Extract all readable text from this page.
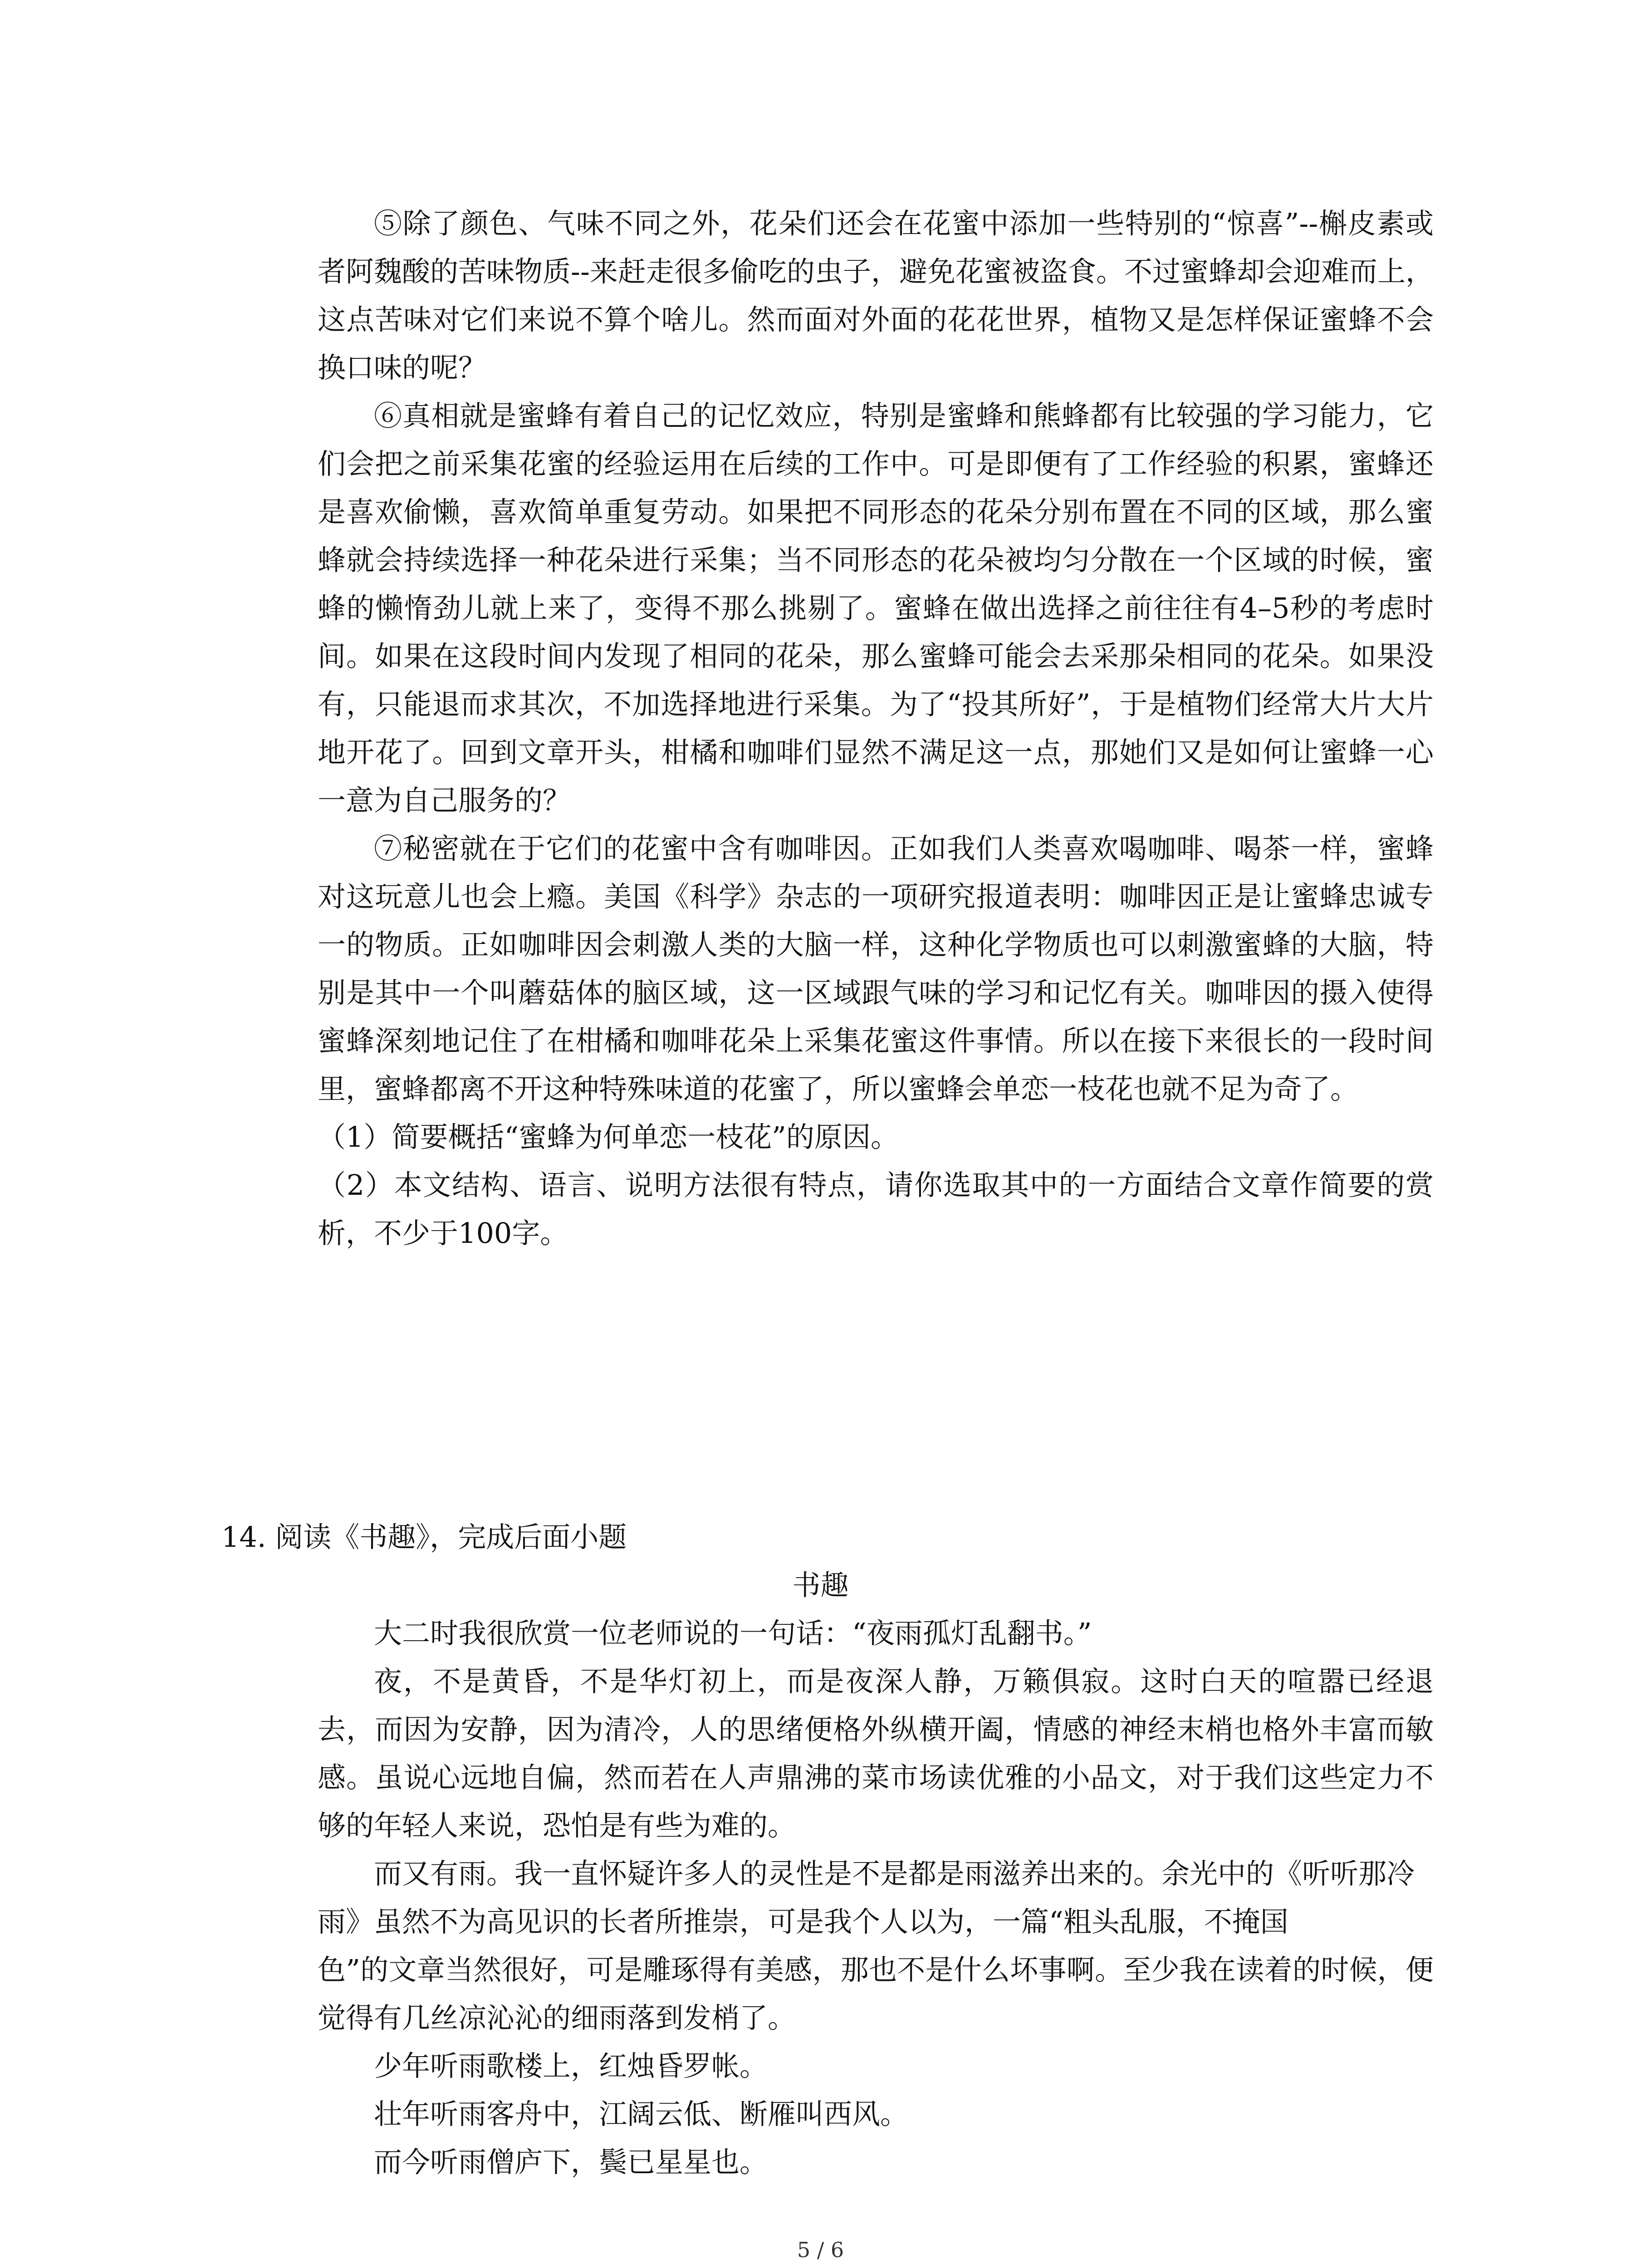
⑤除了颜色、气味不同之外，花朵们还会在花蜜中添加一些特别的“惊喜”--槲皮素或者阿魏酸的苦味物质--来赶走很多偷吃的虫子，避免花蜜被盗食。不过蜜蜂却会迎难而上，这点苦味对它们来说不算个啥儿。然而面对外面的花花世界，植物又是怎样保证蜜蜂不会换口味的呢？

⑥真相就是蜜蜂有着自己的记忆效应，特别是蜜蜂和熊蜂都有比较强的学习能力，它们会把之前采集花蜜的经验运用在后续的工作中。可是即便有了工作经验的积累，蜜蜂还是喜欢偷懒，喜欢简单重复劳动。如果把不同形态的花朵分别布置在不同的区域，那么蜜蜂就会持续选择一种花朵进行采集；当不同形态的花朵被均匀分散在一个区域的时候，蜜蜂的懒惰劲儿就上来了，变得不那么挑剔了。蜜蜂在做出选择之前往往有4–5秒的考虑时间。如果在这段时间内发现了相同的花朵，那么蜜蜂可能会去采那朵相同的花朵。如果没有，只能退而求其次，不加选择地进行采集。为了“投其所好”，于是植物们经常大片大片地开花了。回到文章开头，柑橘和咖啡们显然不满足这一点，那她们又是如何让蜜蜂一心一意为自己服务的？

⑦秘密就在于它们的花蜜中含有咖啡因。正如我们人类喜欢喝咖啡、喝茶一样，蜜蜂对这玩意儿也会上瘾。美国《科学》杂志的一项研究报道表明：咖啡因正是让蜜蜂忠诚专一的物质。正如咖啡因会刺激人类的大脑一样，这种化学物质也可以刺激蜜蜂的大脑，特别是其中一个叫蘑菇体的脑区域，这一区域跟气味的学习和记忆有关。咖啡因的摄入使得蜜蜂深刻地记住了在柑橘和咖啡花朵上采集花蜜这件事情。所以在接下来很长的一段时间里，蜜蜂都离不开这种特殊味道的花蜜了，所以蜜蜂会单恋一枝花也就不足为奇了。

（1）简要概括“蜜蜂为何单恋一枝花”的原因。

（2）本文结构、语言、说明方法很有特点，请你选取其中的一方面结合文章作简要的赏析，不少于100字。

14. 阅读《书趣》，完成后面小题

书趣

大二时我很欣赏一位老师说的一句话：“夜雨孤灯乱翻书。”

夜，不是黄昏，不是华灯初上，而是夜深人静，万籁俱寂。这时白天的喧嚣已经退去，而因为安静，因为清冷，人的思绪便格外纵横开阖，情感的神经末梢也格外丰富而敏感。虽说心远地自偏，然而若在人声鼎沸的菜市场读优雅的小品文，对于我们这些定力不够的年轻人来说，恐怕是有些为难的。

而又有雨。我一直怀疑许多人的灵性是不是都是雨滋养出来的。余光中的《听听那冷雨》虽然不为高见识的长者所推崇，可是我个人以为，一篇“粗头乱服，不掩国

色”的文章当然很好，可是雕琢得有美感，那也不是什么坏事啊。至少我在读着的时候，便觉得有几丝凉沁沁的细雨落到发梢了。

少年听雨歌楼上，红烛昏罗帐。

壮年听雨客舟中，江阔云低、断雁叫西风。

而今听雨僧庐下，鬓已星星也。

5 / 6
